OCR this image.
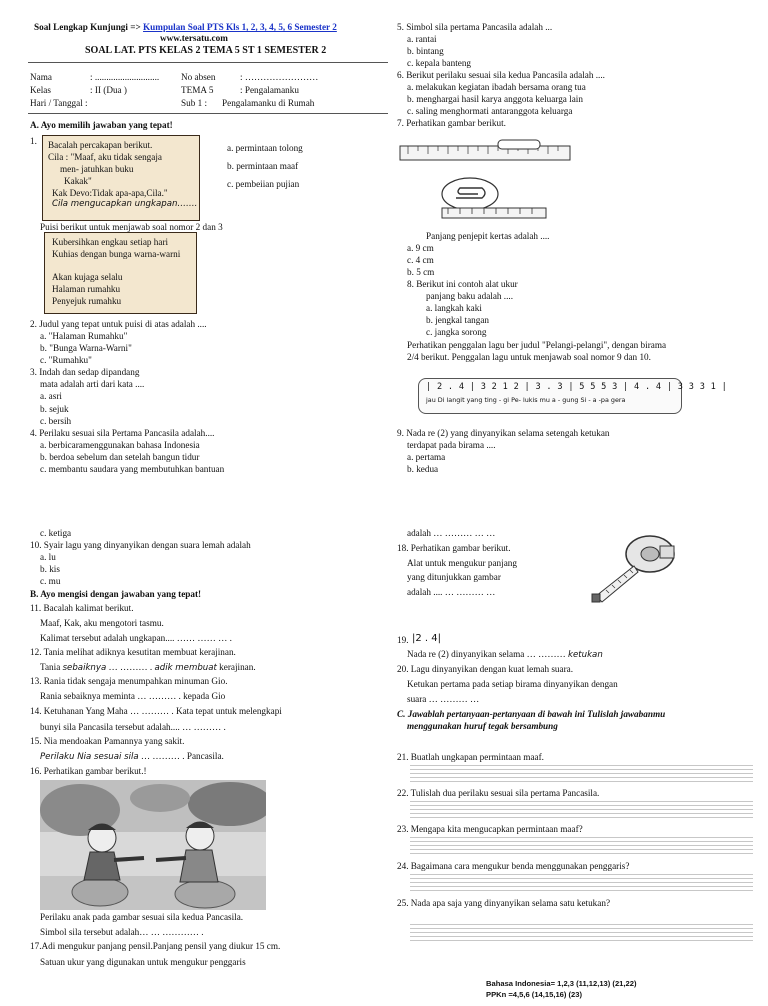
Soal Lengkap Kunjungi => Kumpulan Soal PTS Kls 1, 2, 3, 4, 5, 6 Semester 2
www.tersatu.com
SOAL LAT. PTS KELAS 2 TEMA 5 ST 1 SEMESTER 2
Nama	: ............................ No absen	: ……………………
Kelas	: II (Dua )	TEMA 5	: Pengalamanku
Hari / Tanggal :	Sub 1 : Pengalamanku di Rumah
A. Ayo memilih jawaban yang tepat!
1. Bacalah percakapan berikut.
Cila : "Maaf, aku tidak sengaja
men- jatuhkan buku
Kakak"
Kak Devo:Tidak apa-apa,Cila."
Cila mengucapkan ungkapan…….
a. permintaan tolong
b. permintaan maaf
c. pembeiian pujian
Puisi berikut untuk menjawab soal nomor 2 dan 3
Kubersihkan engkau setiap hari
Kuhias dengan bunga warna-warni
Akan kujaga selalu
Halaman rumahku
Penyejuk rumahku
2. Judul yang tepat untuk puisi di atas adalah ....
a. "Halaman Rumahku"
b. "Bunga Warna-Warni"
c. "Rumahku"
3. Indah dan sedap dipandang
mata adalah arti dari kata ....
a. asri
b. sejuk
c. bersih
4. Perilaku sesuai sila Pertama Pancasila adalah....
a. berbicaramenggunakan bahasa Indonesia
b. berdoa sebelum dan setelah bangun tidur
c. membantu saudara yang membutuhkan bantuan
5. Simbol sila pertama Pancasila adalah ...
a. rantai
b. bintang
c. kepala banteng
6. Berikut perilaku sesuai sila kedua Pancasila adalah ....
a. melakukan kegiatan ibadah bersama orang tua
b. menghargai hasil karya anggota keluarga lain
c. saling menghormati antaranggota keluarga
7. Perhatikan gambar berikut.
Panjang penjepit kertas adalah ....
a. 9 cm
c. 4 cm
b. 5 cm
8. Berikut ini contoh alat ukur
panjang baku adalah ....
a. langkah kaki
b. jengkal tangan
c. jangka sorong
Perhatikan penggalan lagu ber judul "Pelangi-pelangi", dengan birama
2/4 berikut. Penggalan lagu untuk menjawab soal nomor 9 dan 10.
| 2 . 4 | 3 2 1 2 | 3 . 3 | 5 5 5 3 | 4 . 4 | 3 3 3 1 |
jau Di langit yang ting - gi Pe- lukis mu a - gung Si - a -pa gera
9. Nada re (2) yang dinyanyikan selama setengah ketukan
terdapat pada birama ....
a. pertama
b. kedua
c. ketiga
10. Syair lagu yang dinyanyikan dengan suara lemah adalah
a. lu
b. kis
c. mu
B. Ayo mengisi dengan jawaban yang tepat!
11. Bacalah kalimat berikut.
Maaf, Kak, aku mengotori tasmu.
Kalimat tersebut adalah ungkapan.... …… …… … .
12. Tania melihat adiknya kesutitan membuat kerajinan.
Tania sebaiknya … ……… . adik membuat kerajinan.
13. Rania tidak sengaja menumpahkan minuman Gio.
Rania sebaiknya meminta … ……… . kepada Gio
14. Ketuhanan Yang Maha … ……… . Kata tepat untuk melengkapi
bunyi sila Pancasila tersebut adalah.... … ……… .
15. Nia mendoakan Pamannya yang sakit.
Perilaku Nia sesuai sila … ……… . Pancasila.
16. Perhatikan gambar berikut.!
Perilaku anak pada gambar sesuai sila kedua Pancasila.
Simbol sila tersebut adalah… … ………… .
17.Adi mengukur panjang pensil.Panjang pensil yang diukur 15 cm.
Satuan ukur yang digunakan untuk mengukur penggaris
adalah … ……… … …
18. Perhatikan gambar berikut.
Alat untuk mengukur panjang
yang ditunjukkan gambar
adalah .... … ……… …
19. |2 . 4|
Nada re (2) dinyanyikan selama … ……… ketukan
20. Lagu dinyanyikan dengan kuat lemah suara.
Ketukan pertama pada setiap birama dinyanyikan dengan
suara … ……… …
C. Jawablah pertanyaan-pertanyaan di bawah ini Tulislah jawabanmu
menggunakan huruf tegak bersambung
21. Buatlah ungkapan permintaan maaf.
22. Tulislah dua perilaku sesuai sila pertama Pancasila.
23. Mengapa kita mengucapkan permintaan maaf?
24. Bagaimana cara mengukur benda menggunakan penggaris?
25. Nada apa saja yang dinyanyikan selama satu ketukan?
Bahasa Indonesia= 1,2,3 (11,12,13) (21,22)
PPKn =4,5,6 (14,15,16) (23)
